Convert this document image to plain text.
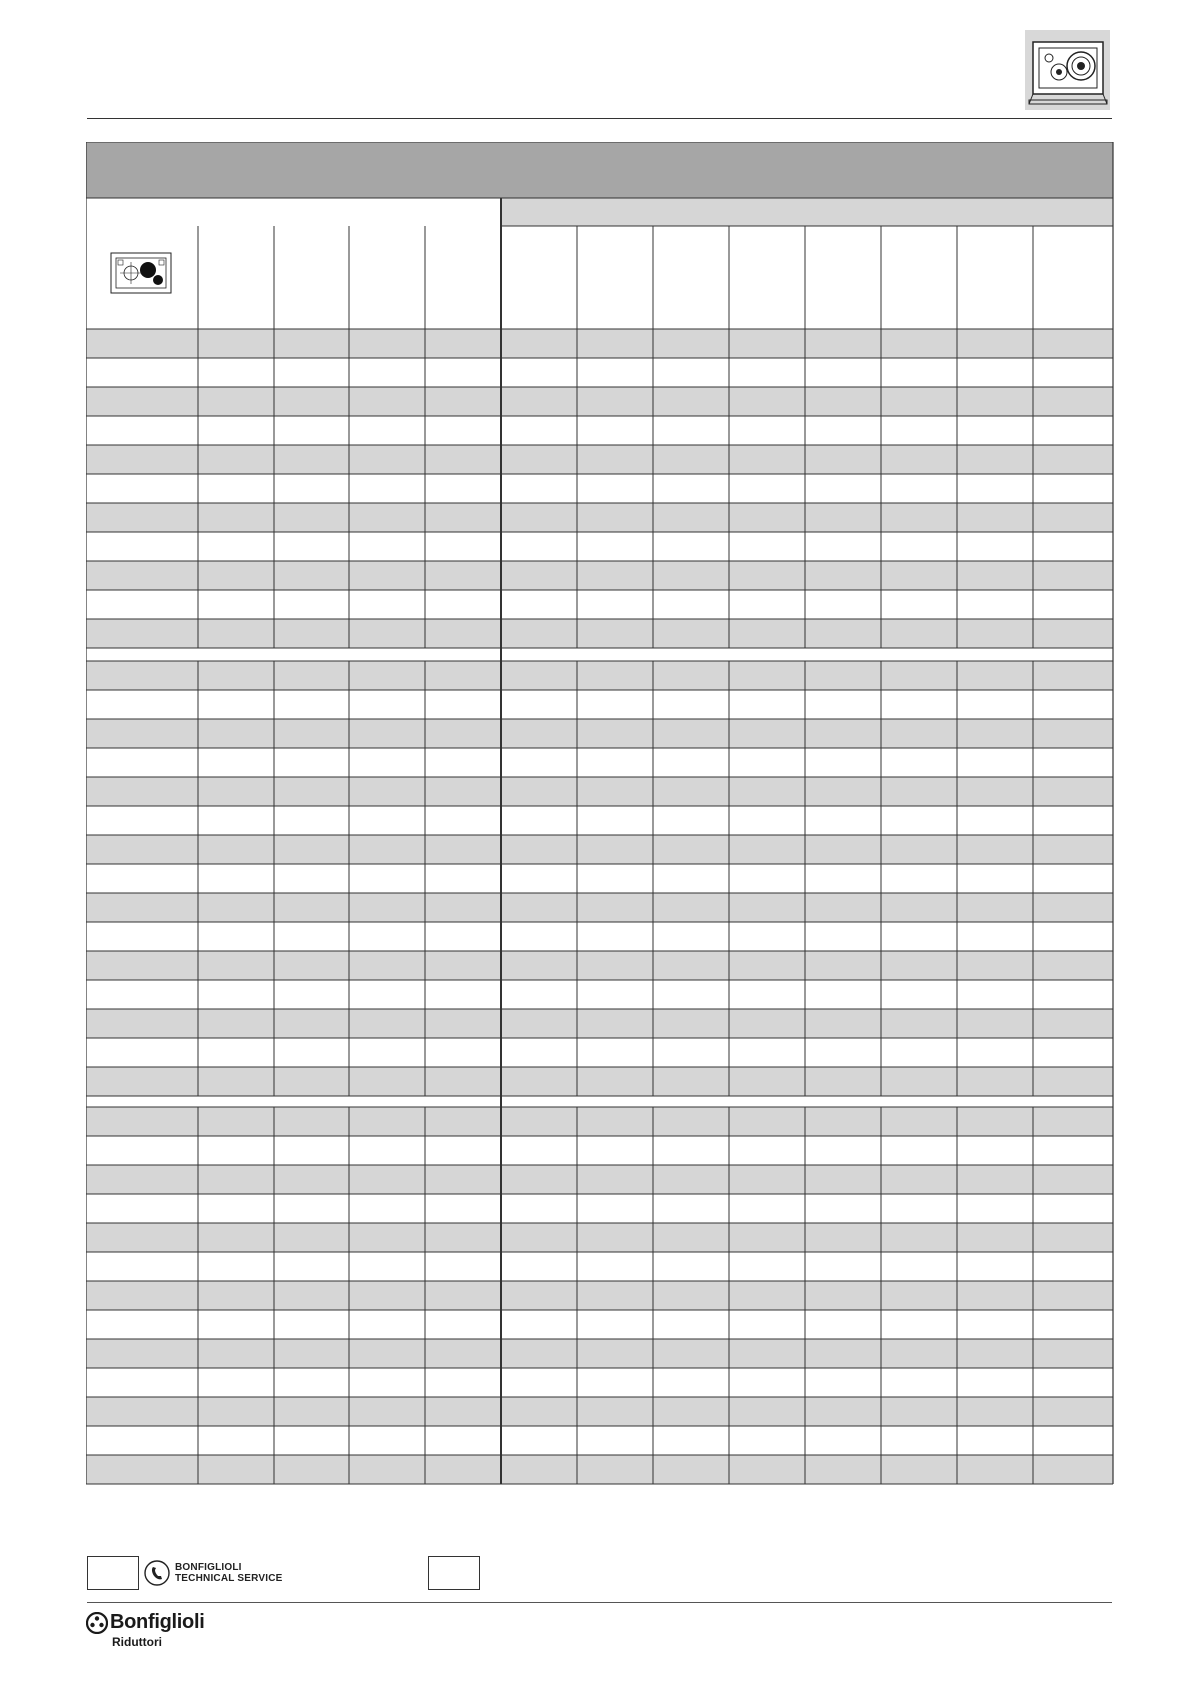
BONFIGLIOLI
TECHNICAL SERVICE
Bonfiglioli
Riduttori
